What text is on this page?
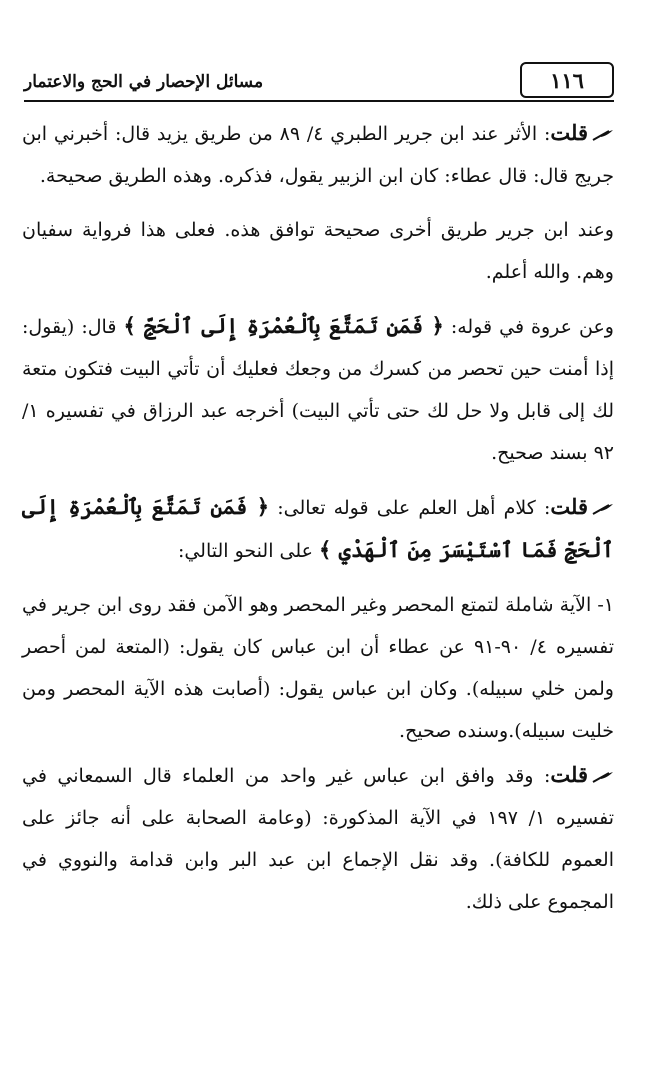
مسائل الإحصار في الحج والاعتمار	١١٦

قلت: الأثر عند ابن جرير الطبري ٤/ ٨٩ من طريق يزيد قال: أخبرني ابن جريج قال: قال عطاء: كان ابن الزبير يقول، فذكره. وهذه الطريق صحيحة.

وعند ابن جرير طريق أخرى صحيحة توافق هذه. فعلى هذا فرواية سفيان وهم. والله أعلم.

وعن عروة في قوله: ﴿ فَمَن تَمَتَّعَ بِٱلْعُمْرَةِ إِلَى ٱلْحَجِّ ﴾ قال: (يقول: إذا أمنت حين تحصر من كسرك من وجعك فعليك أن تأتي البيت فتكون متعة لك إلى قابل ولا حل لك حتى تأتي البيت) أخرجه عبد الرزاق في تفسيره ١/ ٩٢ بسند صحيح.

قلت: كلام أهل العلم على قوله تعالى: ﴿ فَمَن تَمَتَّعَ بِٱلْعُمْرَةِ إِلَى ٱلْحَجِّ فَمَا ٱسْتَيْسَرَ مِنَ ٱلْهَدْيِ ﴾ على النحو التالي:

١- الآية شاملة لتمتع المحصر وغير المحصر وهو الآمن فقد روى ابن جرير في تفسيره ٤/ ٩٠-٩١ عن عطاء أن ابن عباس كان يقول: (المتعة لمن أحصر ولمن خلي سبيله). وكان ابن عباس يقول: (أصابت هذه الآية المحصر ومن خليت سبيله).وسنده صحيح.

قلت: وقد وافق ابن عباس غير واحد من العلماء قال السمعاني في تفسيره ١/ ١٩٧ في الآية المذكورة: (وعامة الصحابة على أنه جائز على العموم للكافة). وقد نقل الإجماع ابن عبد البر وابن قدامة والنووي في المجموع على ذلك.
